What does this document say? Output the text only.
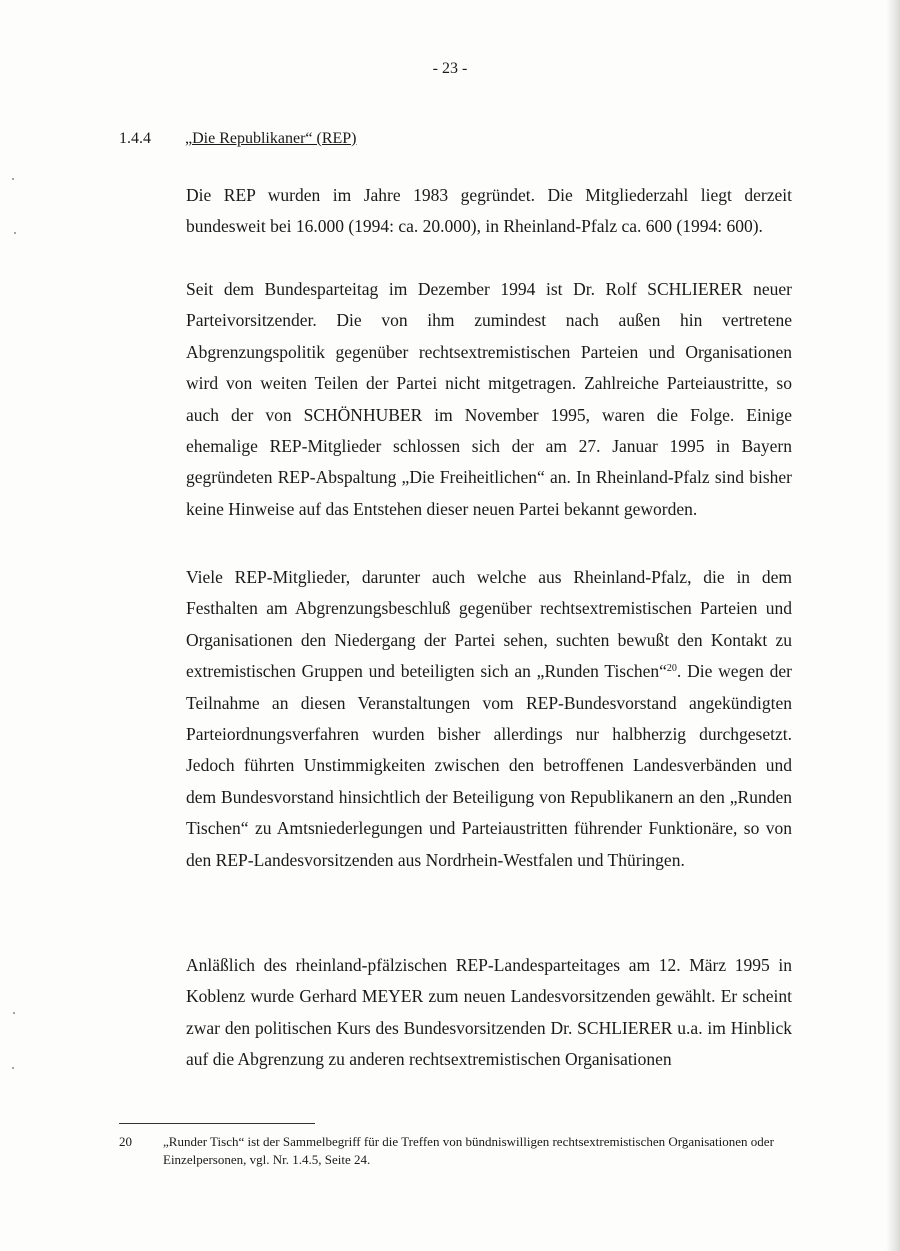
- 23 -
1.4.4 „Die Republikaner“ (REP)

Die REP wurden im Jahre 1983 gegründet. Die Mitgliederzahl liegt derzeit bundesweit bei 16.000 (1994: ca. 20.000), in Rheinland-Pfalz ca. 600 (1994: 600).

Seit dem Bundesparteitag im Dezember 1994 ist Dr. Rolf SCHLIERER neuer Parteivorsitzender. Die von ihm zumindest nach außen hin vertretene Abgrenzungspolitik gegenüber rechtsextremistischen Parteien und Organisationen wird von weiten Teilen der Partei nicht mitgetragen. Zahlreiche Parteiaustritte, so auch der von SCHÖNHUBER im November 1995, waren die Folge. Einige ehemalige REP-Mitglieder schlossen sich der am 27. Januar 1995 in Bayern gegründeten REP-Abspaltung „Die Freiheitlichen“ an. In Rheinland-Pfalz sind bisher keine Hinweise auf das Entstehen dieser neuen Partei bekannt geworden.

Viele REP-Mitglieder, darunter auch welche aus Rheinland-Pfalz, die in dem Festhalten am Abgrenzungsbeschluß gegenüber rechtsextremistischen Parteien und Organisationen den Niedergang der Partei sehen, suchten bewußt den Kontakt zu extremistischen Gruppen und beteiligten sich an „Runden Tischen“$^{20}$. Die wegen der Teilnahme an diesen Veranstaltungen vom REP-Bundesvorstand angekündigten Parteiordnungsverfahren wurden bisher allerdings nur halbherzig durchgesetzt. Jedoch führten Unstimmigkeiten zwischen den betroffenen Landesverbänden und dem Bundesvorstand hinsichtlich der Beteiligung von Republikanern an den „Runden Tischen“ zu Amtsniederlegungen und Parteiaustritten führender Funktionäre, so von den REP-Landesvorsitzenden aus Nordrhein-Westfalen und Thüringen.

Anläßlich des rheinland-pfälzischen REP-Landesparteitages am 12. März 1995 in Koblenz wurde Gerhard MEYER zum neuen Landesvorsitzenden gewählt. Er scheint zwar den politischen Kurs des Bundesvorsitzenden Dr. SCHLIERER u.a. im Hinblick auf die Abgrenzung zu anderen rechtsextremistischen Organisationen

20 „Runder Tisch“ ist der Sammelbegriff für die Treffen von bündniswilligen rechtsextremistischen Organisationen oder Einzelpersonen, vgl. Nr. 1.4.5, Seite 24.
